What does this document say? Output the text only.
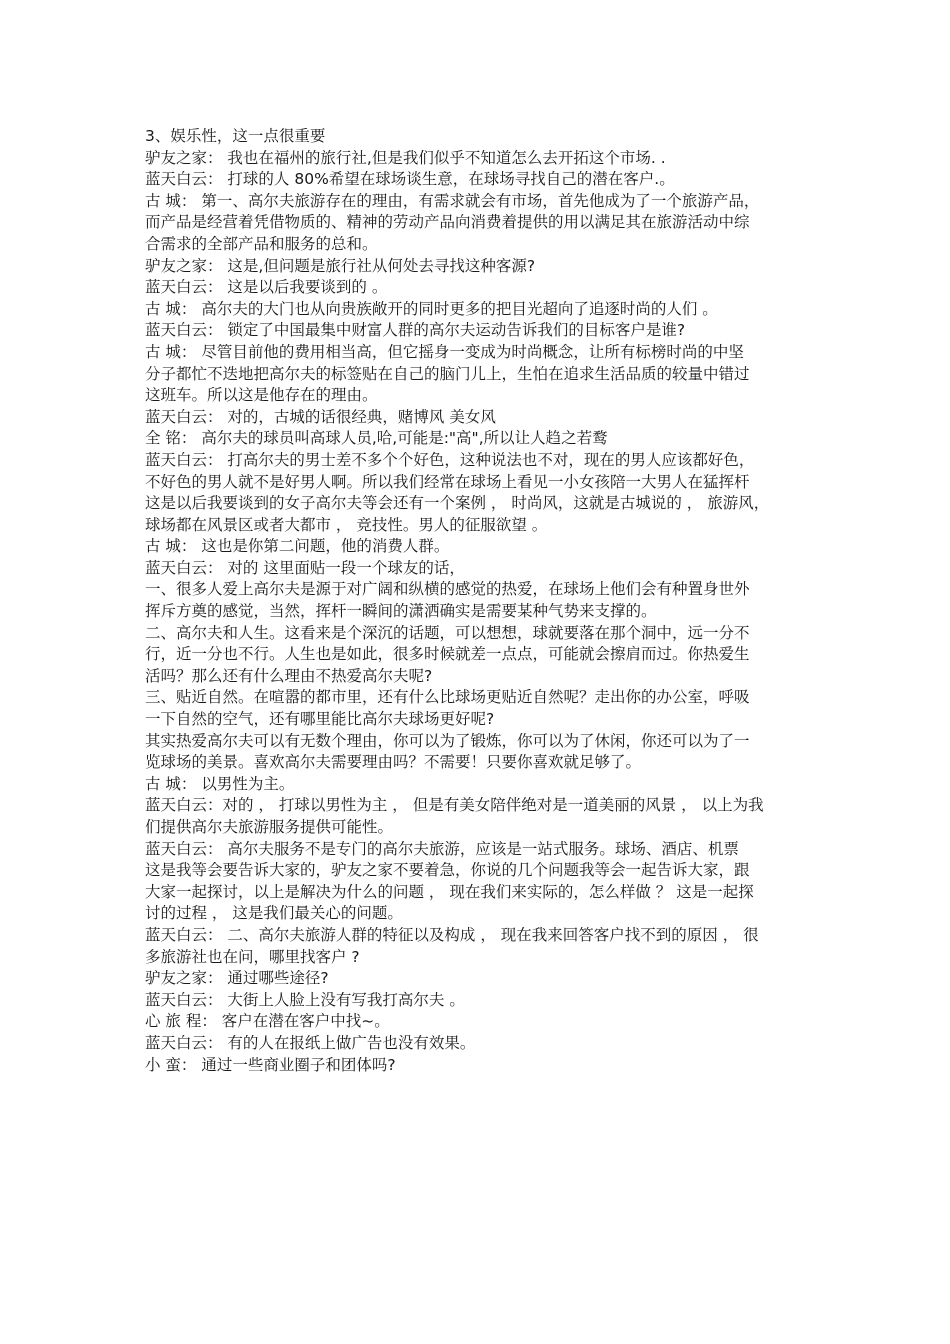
3、娱乐性，这一点很重要
驴友之家： 我也在福州的旅行社,但是我们似乎不知道怎么去开拓这个市场. .
蓝天白云： 打球的人 80%希望在球场谈生意，在球场寻找自己的潜在客户.。
古 城： 第一、高尔夫旅游存在的理由，有需求就会有市场，首先他成为了一个旅游产品，
而产品是经营着凭借物质的、精神的劳动产品向消费着提供的用以满足其在旅游活动中综
合需求的全部产品和服务的总和。
驴友之家： 这是,但问题是旅行社从何处去寻找这种客源?
蓝天白云： 这是以后我要谈到的 。
古 城： 高尔夫的大门也从向贵族敞开的同时更多的把目光超向了追逐时尚的人们 。
蓝天白云： 锁定了中国最集中财富人群的高尔夫运动告诉我们的目标客户是谁?
古 城： 尽管目前他的费用相当高，但它摇身一变成为时尚概念，让所有标榜时尚的中坚
分子都忙不迭地把高尔夫的标签贴在自己的脑门儿上，生怕在追求生活品质的较量中错过
这班车。所以这是他存在的理由。
蓝天白云： 对的，古城的话很经典，赌博风 美女风
全 铭： 高尔夫的球员叫高球人员,哈,可能是:"高",所以让人趋之若鹜
蓝天白云： 打高尔夫的男士差不多个个好色，这种说法也不对，现在的男人应该都好色，
不好色的男人就不是好男人啊。所以我们经常在球场上看见一小女孩陪一大男人在猛挥杆
这是以后我要谈到的女子高尔夫等会还有一个案例 ， 时尚风，这就是古城说的 ， 旅游风，
球场都在风景区或者大都市 ， 竞技性。男人的征服欲望 。
古 城： 这也是你第二问题，他的消费人群。
蓝天白云： 对的 这里面贴一段一个球友的话，
一、很多人爱上高尔夫是源于对广阔和纵横的感觉的热爱，在球场上他们会有种置身世外
挥斥方奠的感觉，当然，挥杆一瞬间的潇洒确实是需要某种气势来支撑的。
二、高尔夫和人生。这看来是个深沉的话题，可以想想，球就要落在那个洞中，远一分不
行，近一分也不行。人生也是如此，很多时候就差一点点，可能就会擦肩而过。你热爱生
活吗？那么还有什么理由不热爱高尔夫呢?
三、贴近自然。在喧嚣的都市里，还有什么比球场更贴近自然呢？走出你的办公室，呼吸
一下自然的空气，还有哪里能比高尔夫球场更好呢?
其实热爱高尔夫可以有无数个理由，你可以为了锻炼，你可以为了休闲，你还可以为了一
览球场的美景。喜欢高尔夫需要理由吗？不需要！只要你喜欢就足够了。
古 城： 以男性为主。
蓝天白云：对的 ， 打球以男性为主 ， 但是有美女陪伴绝对是一道美丽的风景 ， 以上为我
们提供高尔夫旅游服务提供可能性。
蓝天白云： 高尔夫服务不是专门的高尔夫旅游，应该是一站式服务。球场、酒店、机票
这是我等会要告诉大家的，驴友之家不要着急，你说的几个问题我等会一起告诉大家，跟
大家一起探讨，以上是解决为什么的问题 ， 现在我们来实际的，怎么样做 ？ 这是一起探
讨的过程 ， 这是我们最关心的问题。
蓝天白云： 二、高尔夫旅游人群的特征以及构成 ， 现在我来回答客户找不到的原因 ， 很
多旅游社也在问，哪里找客户 ?
驴友之家： 通过哪些途径?
蓝天白云： 大街上人脸上没有写我打高尔夫 。
心 旅 程： 客户在潜在客户中找~。
蓝天白云： 有的人在报纸上做广告也没有效果。
小 蛮： 通过一些商业圈子和团体吗?
